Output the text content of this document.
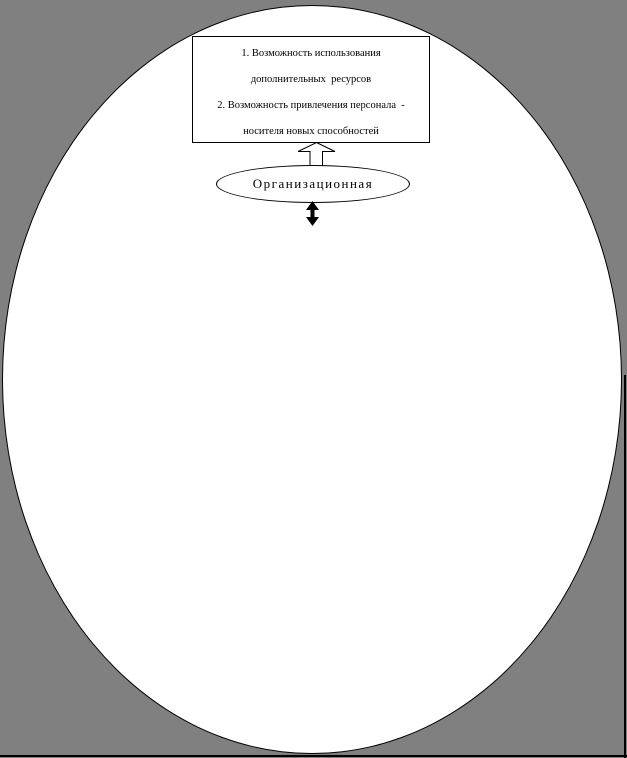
1. Возможность использования
дополнительных  ресурсов
2. Возможность привлечения персонала  -
носителя новых способностей
Организационная
